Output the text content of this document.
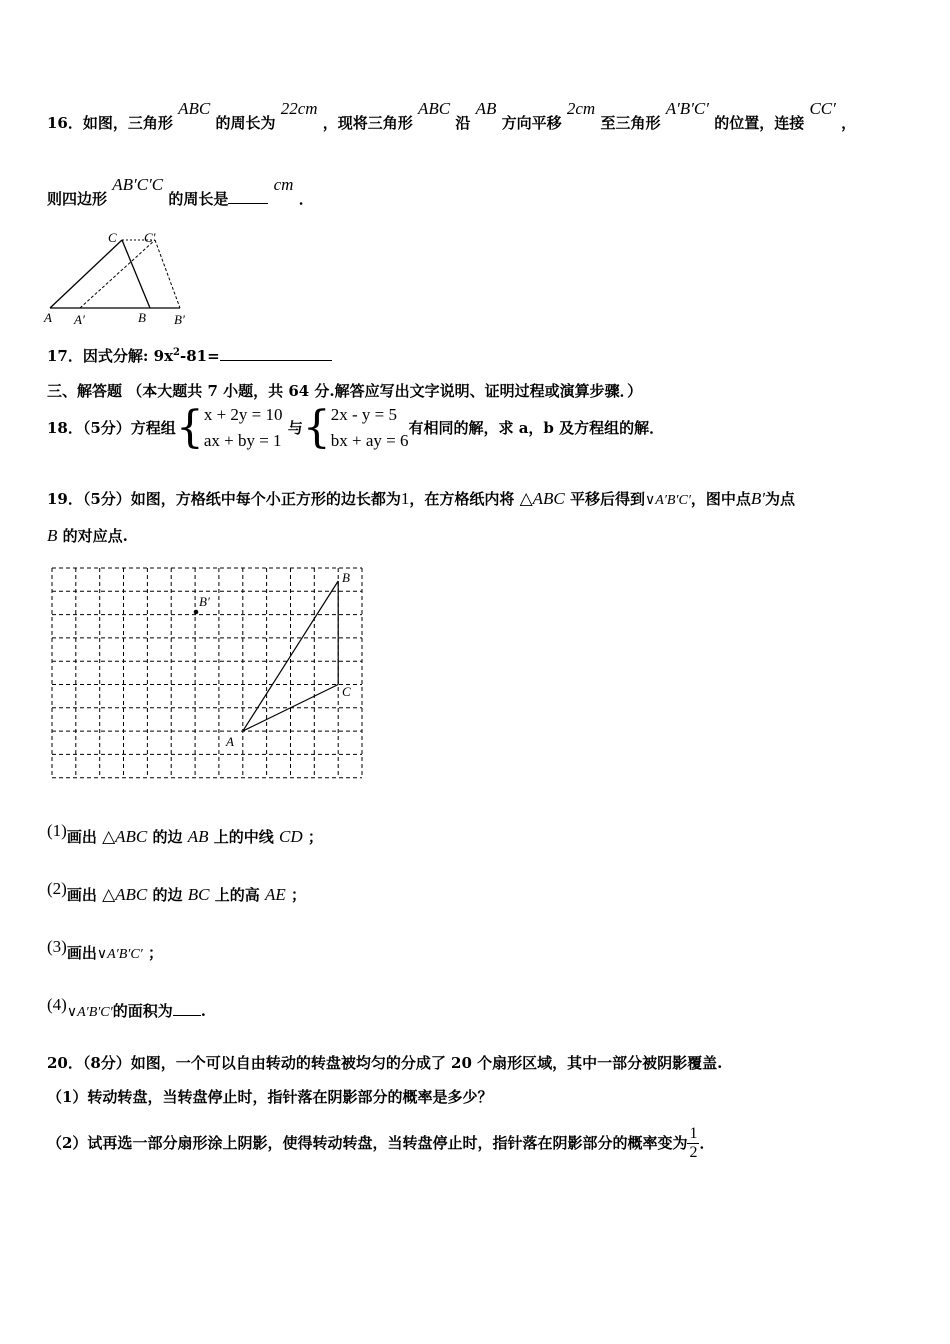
16．如图，三角形 ABC 的周长为 22cm ，现将三角形 ABC 沿 AB 方向平移 2cm 至三角形 A′B′C′ 的位置，连接 CC′ ，
则四边形 AB′C′C 的周长是 cm ．
C C′
A A′	B B′
17．因式分解: $9x^2-81=$
三、解答题 （本大题共 7 小题，共 64 分.解答应写出文字说明、证明过程或演算步骤．）
18．（5分）方程组{ x + 2y = 10
ax + by = 1
与{ 2x - y = 5
bx + ay = 6
有相同的解，求 a，b 及方程组的解．
19．（5分）如图，方格纸中每个小正方形的边长都为1，在方格纸内将 △ABC 平移后得到∨A′B′C′，图中点B′为点
B 的对应点.
B
B′
C
A
(1)画出 △ABC 的边 AB 上的中线 CD ；
(2)画出 △ABC 的边 BC 上的高 AE ；
(3)画出∨A′B′C′ ；
(4)∨A′B′C′的面积为 .
20．（8分）如图，一个可以自由转动的转盘被均匀的分成了 20 个扇形区域，其中一部分被阴影覆盖.
（1）转动转盘，当转盘停止时，指针落在阴影部分的概率是多少？
（2）试再选一部分扇形涂上阴影，使得转动转盘，当转盘停止时，指针落在阴影部分的概率变为 $\frac{1}{2}$ ．
